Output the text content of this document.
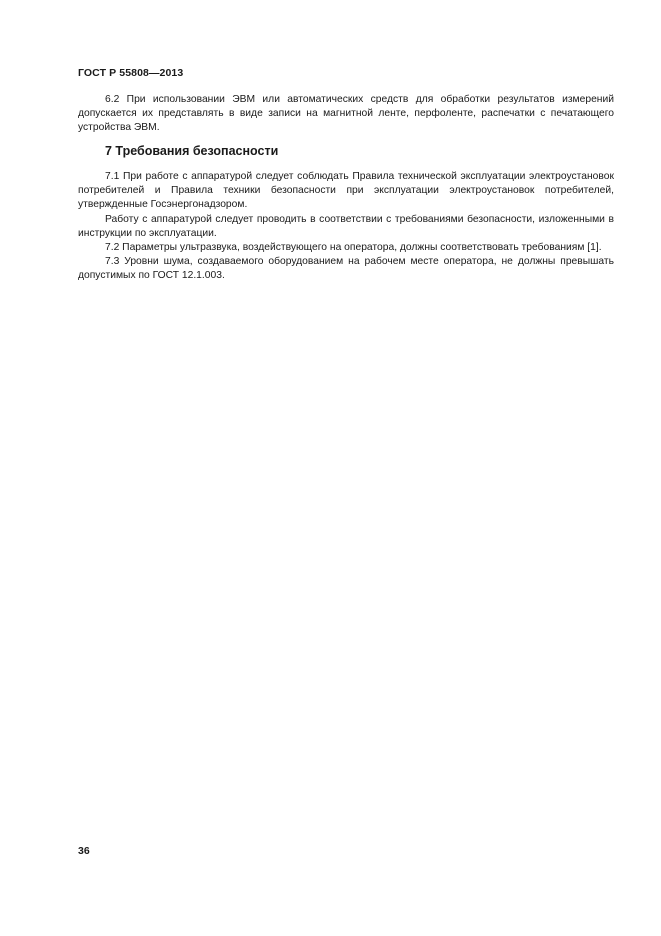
ГОСТ Р 55808—2013

6.2 При использовании ЭВМ или автоматических средств для обработки результатов измерений допускается их представлять в виде записи на магнитной ленте, перфоленте, распечатки с печатающего устройства ЭВМ.

7 Требования безопасности

7.1 При работе с аппаратурой следует соблюдать Правила технической эксплуатации электроустановок потребителей и Правила техники безопасности при эксплуатации электроустановок потребителей, утвержденные Госэнергонадзором.

Работу с аппаратурой следует проводить в соответствии с требованиями безопасности, изложенными в инструкции по эксплуатации.

7.2 Параметры ультразвука, воздействующего на оператора, должны соответствовать требованиям [1].

7.3 Уровни шума, создаваемого оборудованием на рабочем месте оператора, не должны превышать допустимых по ГОСТ 12.1.003.

36
